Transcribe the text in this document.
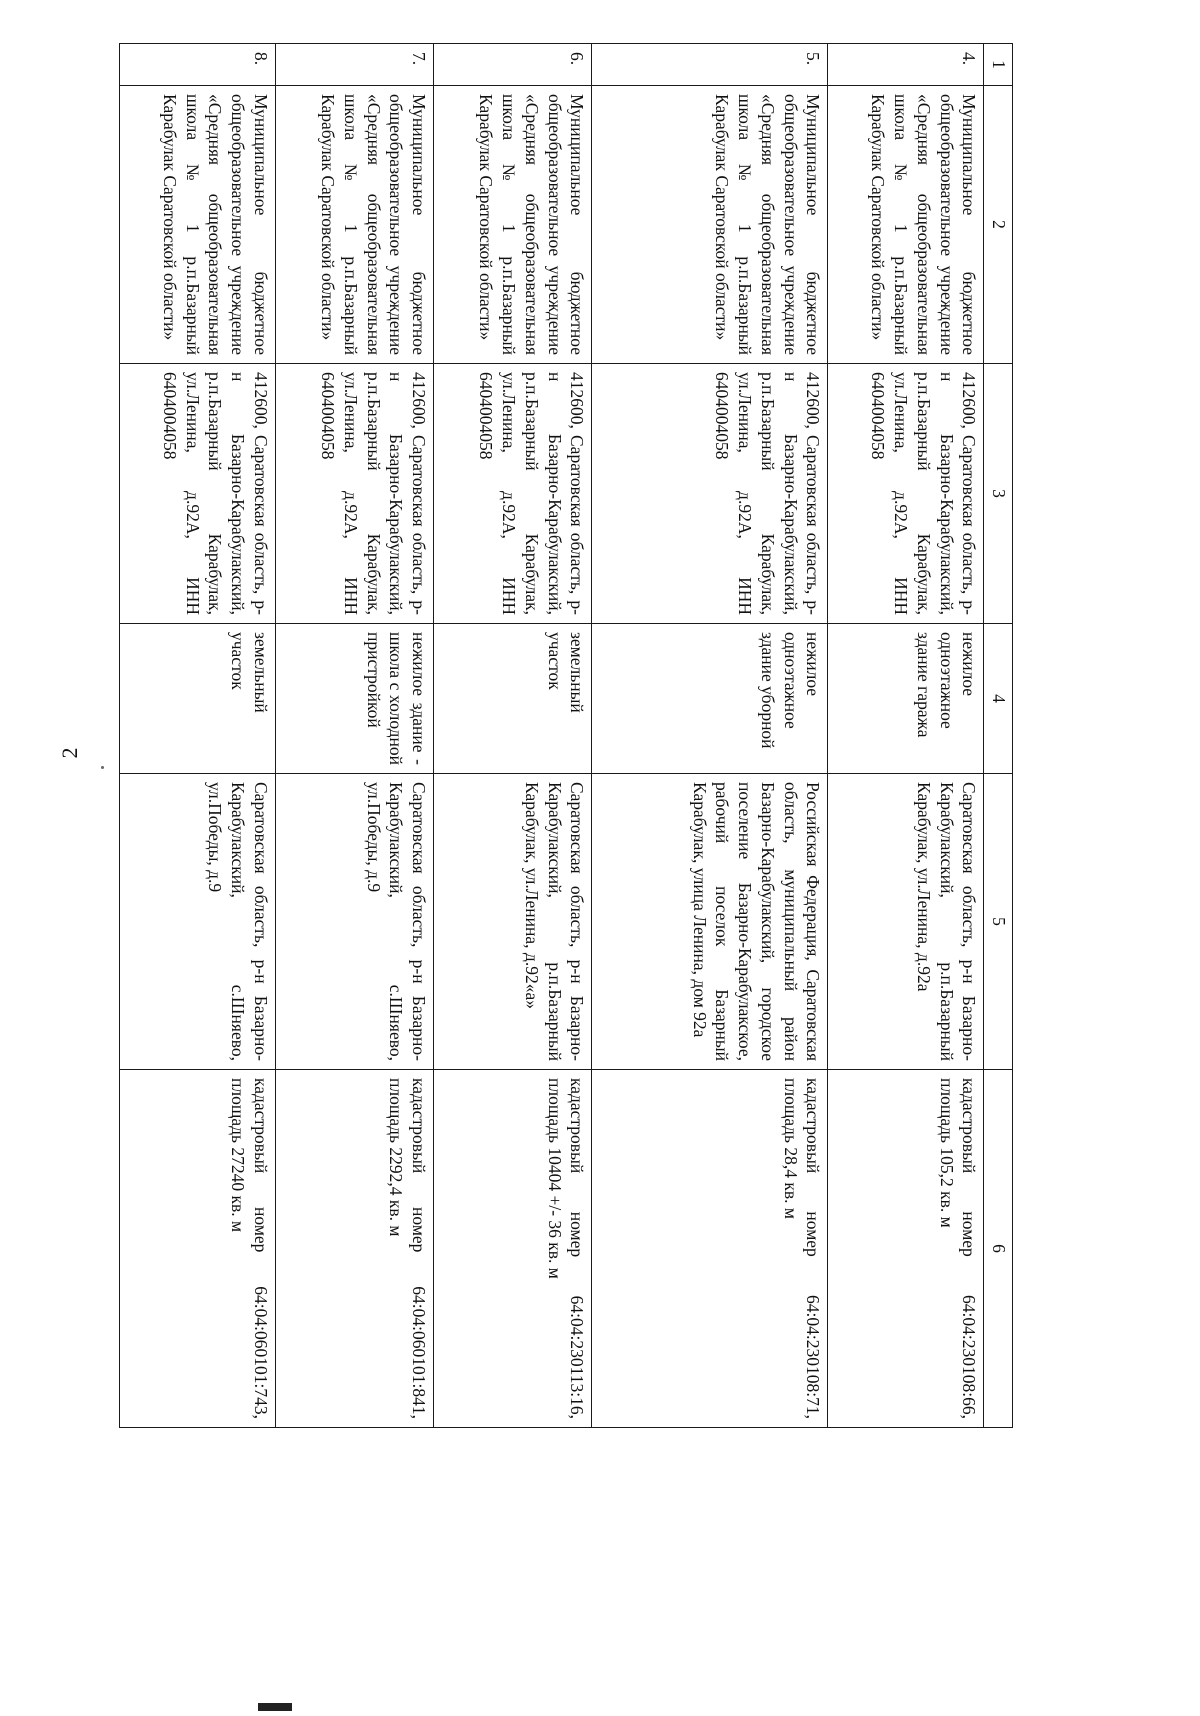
2
1	2	3	4	5	6
4.	Муниципальное бюджетное общеобразовательное учреждение «Средняя общеобразовательная школа № 1 р.п.Базарный Карабулак Саратовской области»	412600, Саратовская область, р-н Базарно-Карабулакский, р.п.Базарный Карабулак, ул.Ленина, д.92А, ИНН 6404004058	нежилое одноэтажное здание гаража	Саратовская область, р-н Базарно-Карабулакский, р.п.Базарный Карабулак, ул.Ленина, д.92а	кадастровый номер 64:04:230108:66, площадь 105,2 кв. м
5.	Муниципальное бюджетное общеобразовательное учреждение «Средняя общеобразовательная школа № 1 р.п.Базарный Карабулак Саратовской области»	412600, Саратовская область, р-н Базарно-Карабулакский, р.п.Базарный Карабулак, ул.Ленина, д.92А, ИНН 6404004058	нежилое одноэтажное здание уборной	Российская Федерация, Саратовская область, муниципальный район Базарно-Карабулакский, городское поселение Базарно-Карабулакское, рабочий поселок Базарный Карабулак, улица Ленина, дом 92а	кадастровый номер 64:04:230108:71, площадь 28,4 кв. м
6.	Муниципальное бюджетное общеобразовательное учреждение «Средняя общеобразовательная школа № 1 р.п.Базарный Карабулак Саратовской области»	412600, Саратовская область, р-н Базарно-Карабулакский, р.п.Базарный Карабулак, ул.Ленина, д.92А, ИНН 6404004058	земельный участок	Саратовская область, р-н Базарно-Карабулакский, р.п.Базарный Карабулак, ул.Ленина, д.92«а»	кадастровый номер 64:04:230113:16, площадь 10404 +/- 36 кв. м
7.	Муниципальное бюджетное общеобразовательное учреждение «Средняя общеобразовательная школа № 1 р.п.Базарный Карабулак Саратовской области»	412600, Саратовская область, р-н Базарно-Карабулакский, р.п.Базарный Карабулак, ул.Ленина, д.92А, ИНН 6404004058	нежилое здание - школа с холодной пристройкой	Саратовская область, р-н Базарно-Карабулакский, с.Шняево, ул.Победы, д.9	кадастровый номер 64:04:060101:841, площадь 2292,4 кв. м
8.	Муниципальное бюджетное общеобразовательное учреждение «Средняя общеобразовательная школа № 1 р.п.Базарный Карабулак Саратовской области»	412600, Саратовская область, р-н Базарно-Карабулакский, р.п.Базарный Карабулак, ул.Ленина, д.92А, ИНН 6404004058	земельный участок	Саратовская область, р-н Базарно-Карабулакский, с.Шняево, ул.Победы, д.9	кадастровый номер 64:04:060101:743, площадь 27240 кв. м
